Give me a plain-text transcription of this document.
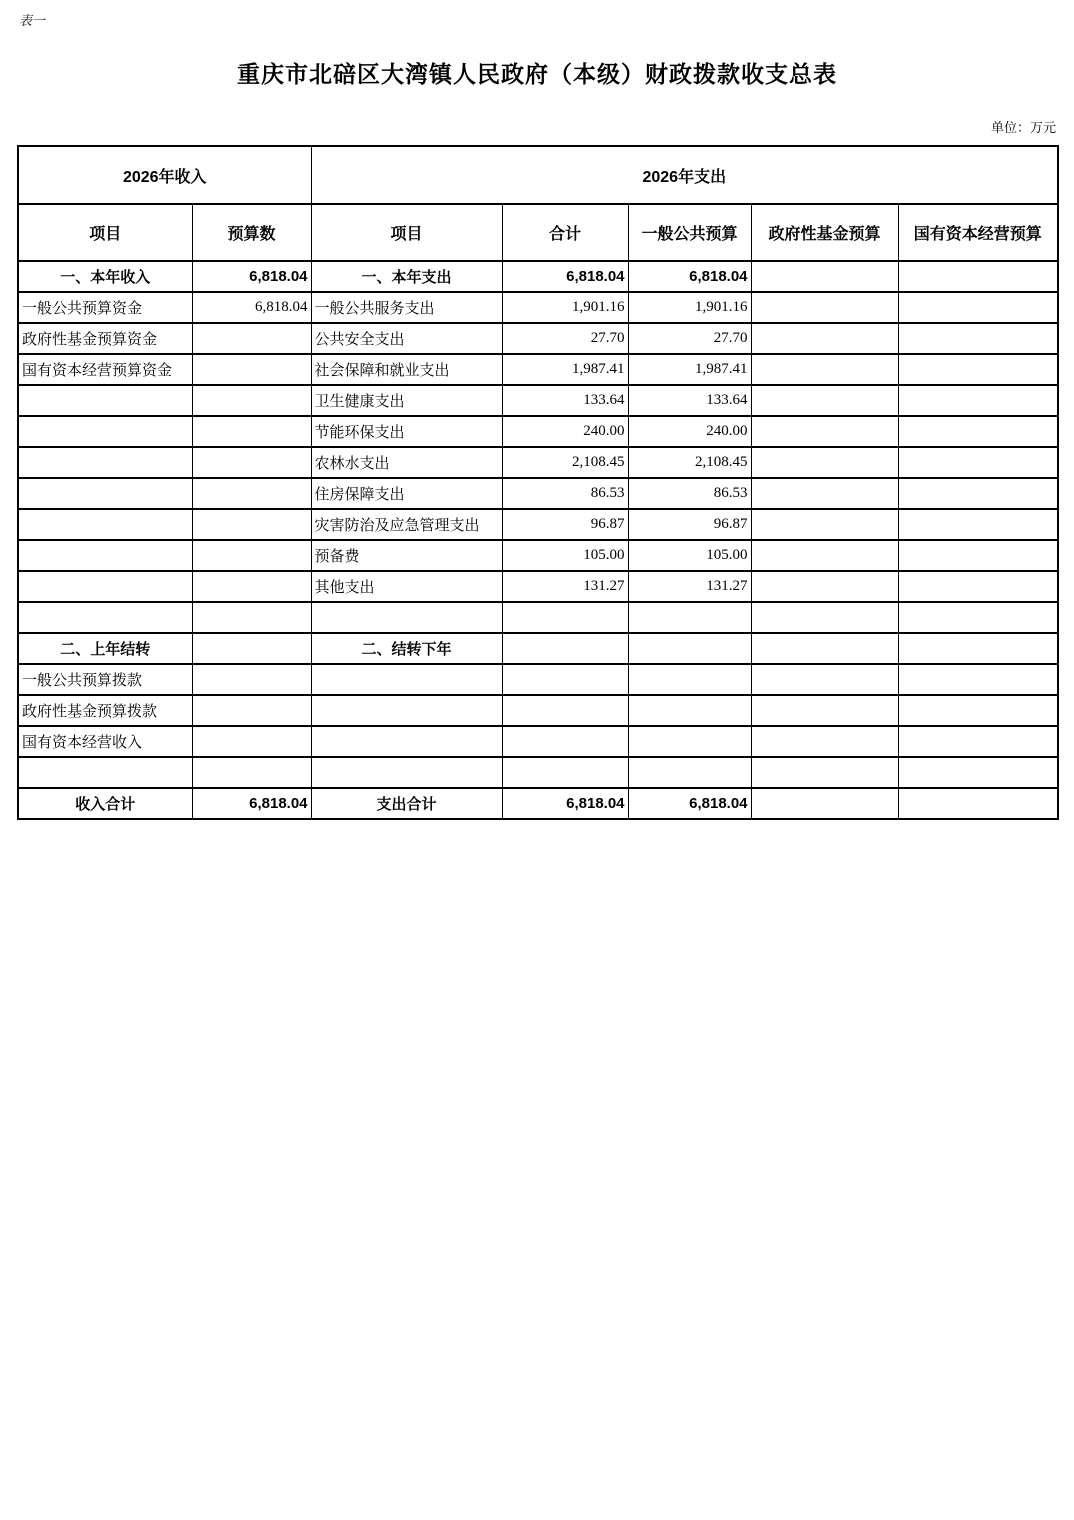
表一
重庆市北碚区大湾镇人民政府（本级）财政拨款收支总表
单位：万元
2026年收入		2026年支出				
项目	预算数	项目	合计	一般公共预算	政府性基金预算	国有资本经营预算
一、本年收入	6,818.04	一、本年支出	6,818.04	6,818.04		
一般公共预算资金	6,818.04	一般公共服务支出	1,901.16	1,901.16		
政府性基金预算资金		公共安全支出	27.70	27.70		
国有资本经营预算资金		社会保障和就业支出	1,987.41	1,987.41		
		卫生健康支出	133.64	133.64		
		节能环保支出	240.00	240.00		
		农林水支出	2,108.45	2,108.45		
		住房保障支出	86.53	86.53		
		灾害防治及应急管理支出	96.87	96.87		
		预备费	105.00	105.00		
		其他支出	131.27	131.27		

二、上年结转		二、结转下年				
一般公共预算拨款						
政府性基金预算拨款						
国有资本经营收入						

收入合计	6,818.04	支出合计	6,818.04	6,818.04		
